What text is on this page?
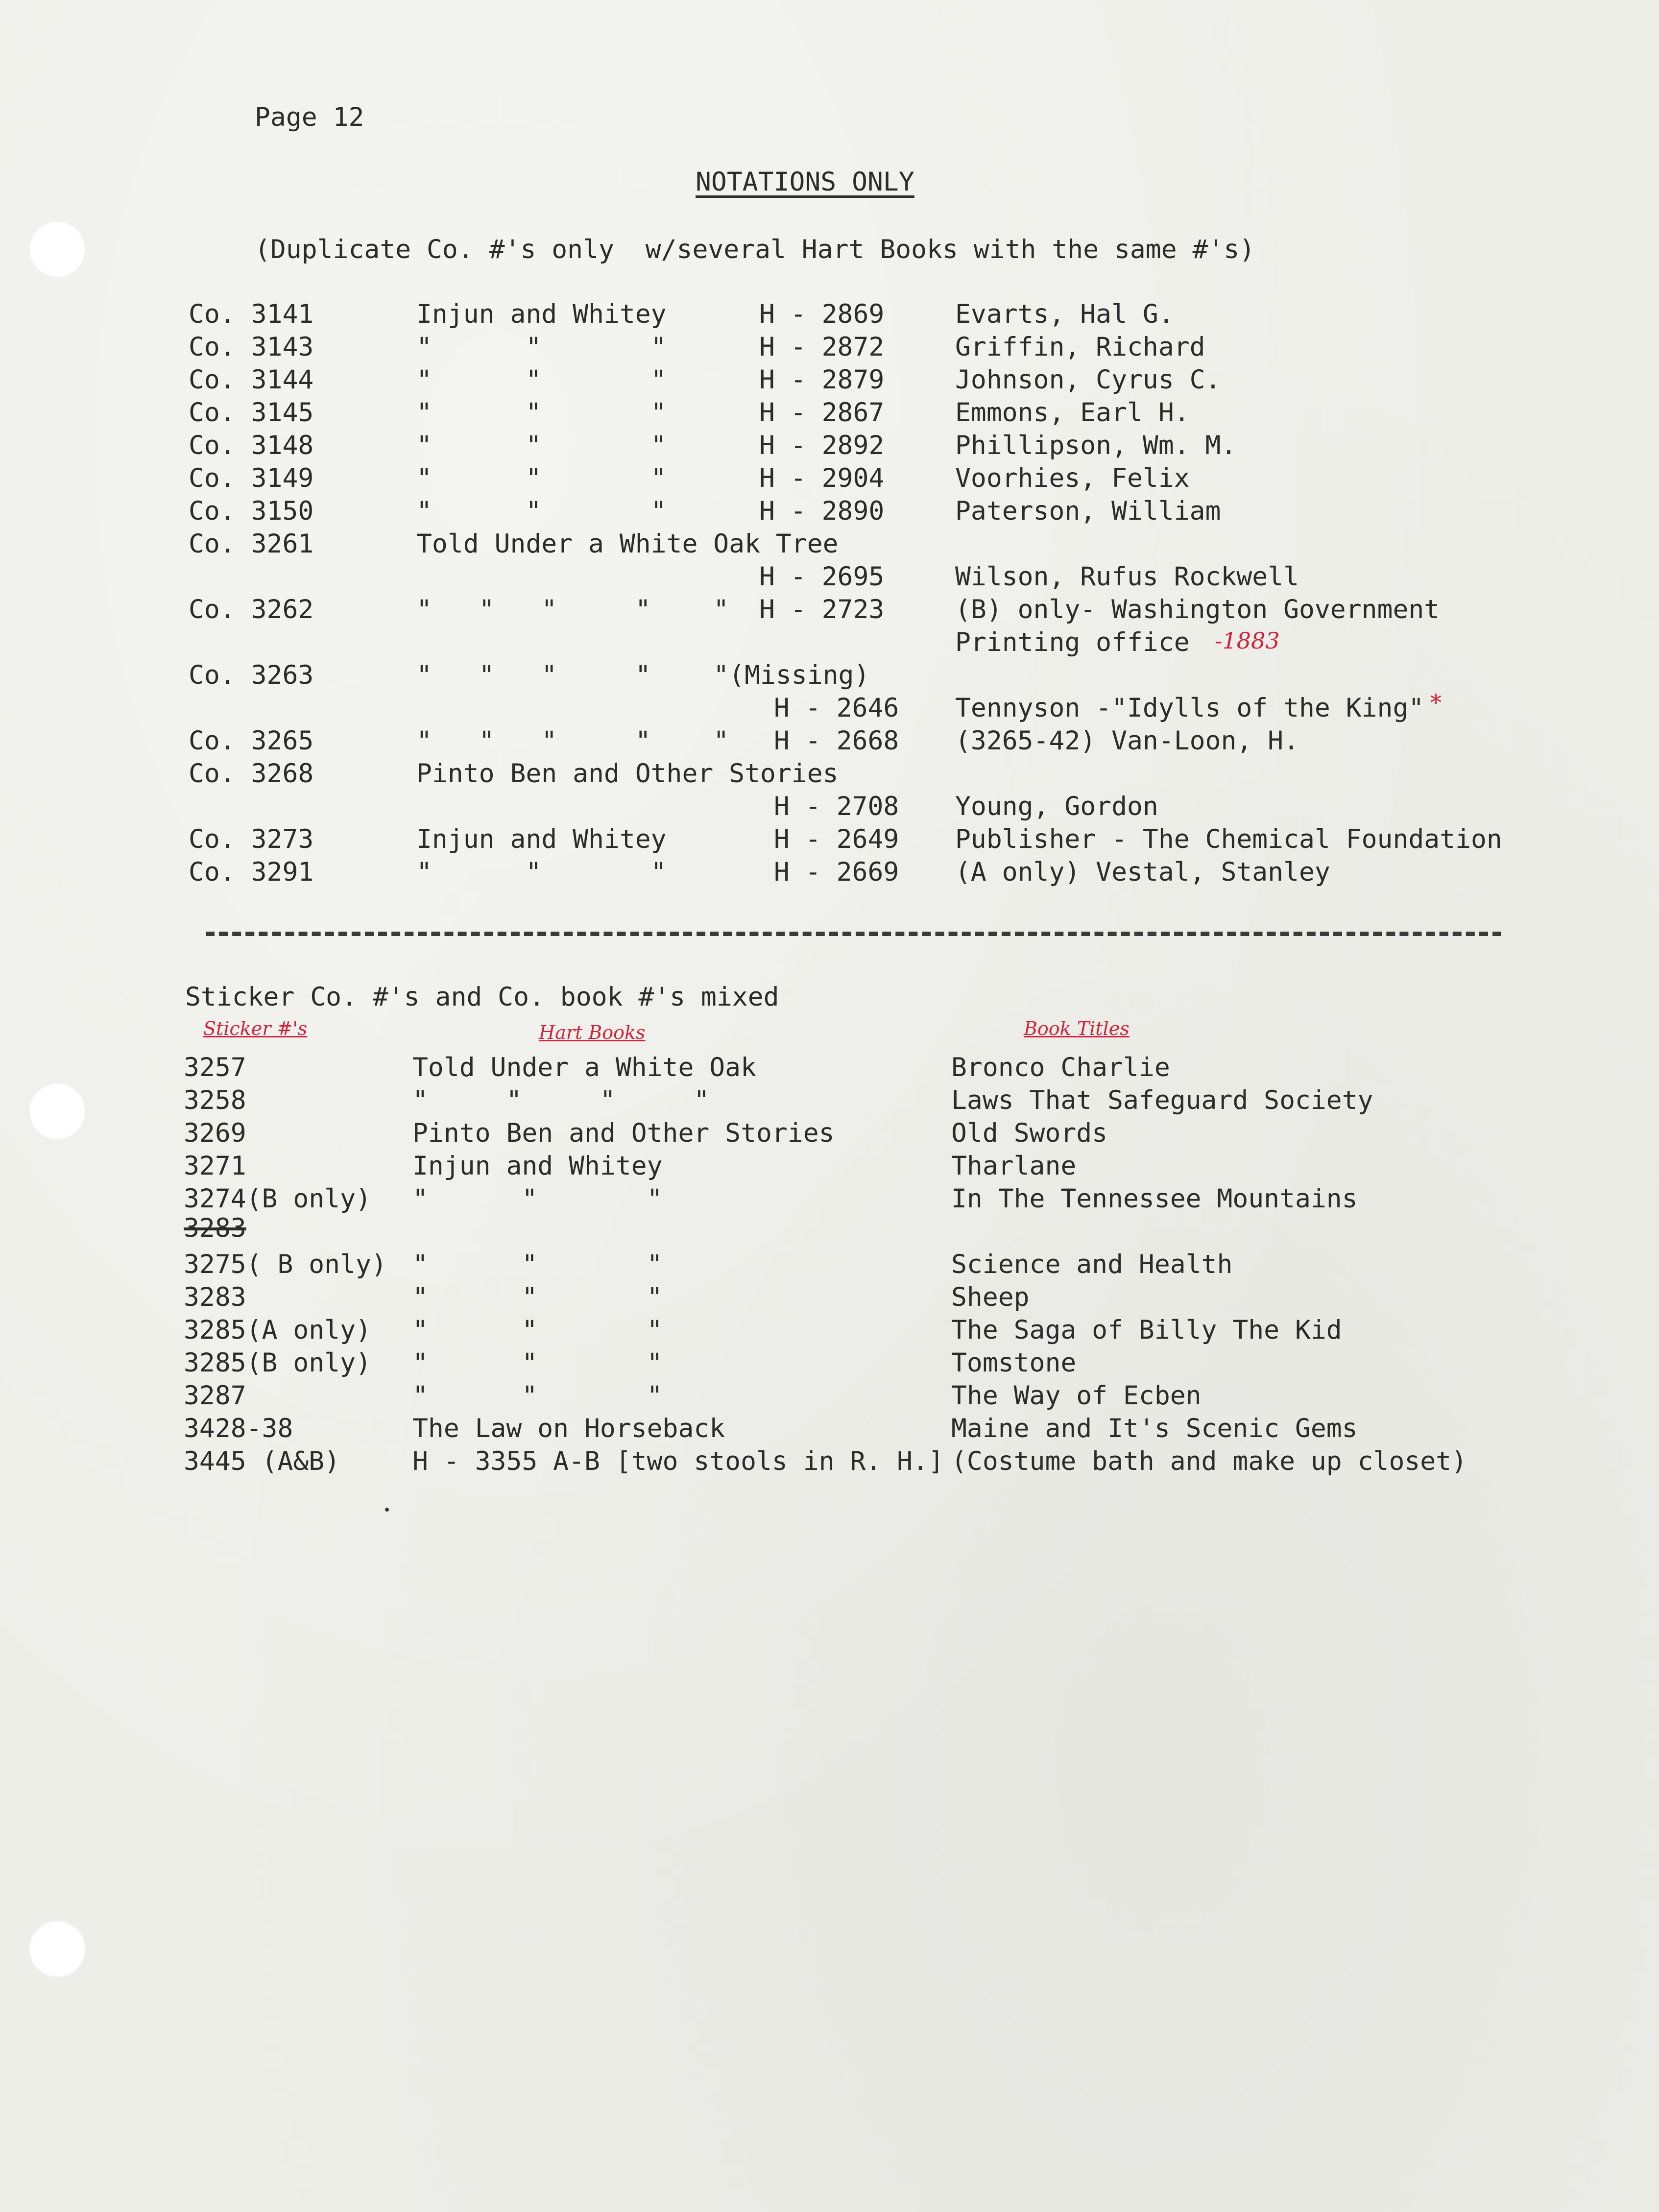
Page 12
NOTATIONS ONLY
(Duplicate Co. #'s only  w/several Hart Books with the same #'s)
Co. 3141	Injun and Whitey	H - 2869	Evarts, Hal G.
Co. 3143	"      "       "	H - 2872	Griffin, Richard
Co. 3144	"      "       "	H - 2879	Johnson, Cyrus C.
Co. 3145	"      "       "	H - 2867	Emmons, Earl H.
Co. 3148	"      "       "	H - 2892	Phillipson, Wm. M.
Co. 3149	"      "       "	H - 2904	Voorhies, Felix
Co. 3150	"      "       "	H - 2890	Paterson, William
Co. 3261	Told Under a White Oak Tree
H - 2695	Wilson, Rufus Rockwell
Co. 3262	"   "   "     "    " H - 2723	(B) only- Washington Government
Printing office -1883
Co. 3263	"   "   "     "    "(Missing)
H - 2646 Tennyson -"Idylls of the King" *
Co. 3265	"   "   "     "    " H - 2668 (3265-42) Van-Loon, H.
Co. 3268	Pinto Ben and Other Stories
H - 2708 Young, Gordon
Co. 3273	Injun and Whitey	H - 2649 Publisher - The Chemical Foundation
Co. 3291	"      "       "	H - 2669 (A only) Vestal, Stanley
Sticker Co. #'s and Co. book #'s mixed
Sticker #'s	Hart Books	Book Titles
3257	Told Under a White Oak	Bronco Charlie
3258	"     "     "     "	Laws That Safeguard Society
3269	Pinto Ben and Other Stories	Old Swords
3271	Injun and Whitey	Tharlane
3274(B only) "      "       "	In The Tennessee Mountains
3283
3275( B only) "      "       "	Science and Health
3283	"      "       "	Sheep
3285(A only) "      "       "	The Saga of Billy The Kid
3285(B only) "      "       "	Tomstone
3287	"      "       "	The Way of Ecben
3428-38	The Law on Horseback	Maine and It's Scenic Gems
3445 (A&B)	H - 3355 A-B [two stools in R. H.] (Costume bath and make up closet)
